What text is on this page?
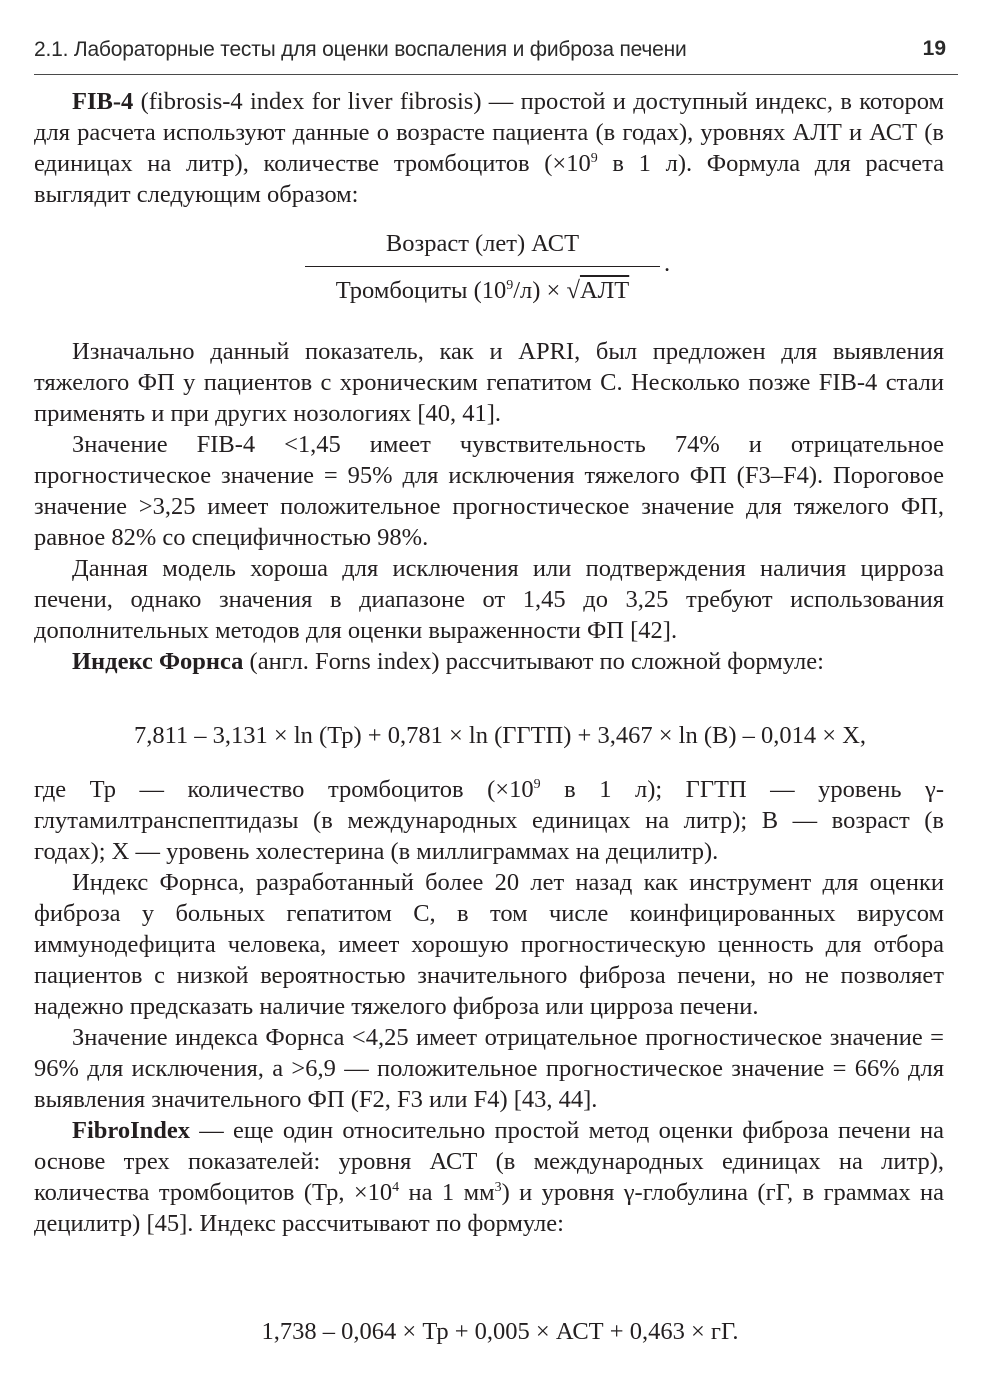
2.1. Лабораторные тесты для оценки воспаления и фиброза печени	19

FIB-4 (fibrosis-4 index for liver fibrosis) — простой и доступный индекс, в котором для расчета используют данные о возрасте пациента (в годах), уровнях АЛТ и АСТ (в единицах на литр), количестве тромбоцитов ($\times 10^9$ в 1 л). Формула для расчета выглядит следующим образом:

Возраст (лет) АСТ
Тромбоциты $(10^9/л) \times √АЛТ$
.

Изначально данный показатель, как и APRI, был предложен для выявления тяжелого ФП у пациентов с хроническим гепатитом С. Несколько позже FIB-4 стали применять и при других нозологиях [40, 41].

Значение FIB-4 <1,45 имеет чувствительность 74% и отрицательное прогностическое значение = 95% для исключения тяжелого ФП (F3–F4). Пороговое значение >3,25 имеет положительное прогностическое значение для тяжелого ФП, равное 82% со специфичностью 98%.

Данная модель хороша для исключения или подтверждения наличия цирроза печени, однако значения в диапазоне от 1,45 до 3,25 требуют использования дополнительных методов для оценки выраженности ФП [42].

Индекс Форнса (англ. Forns index) рассчитывают по сложной формуле:

7,811 – 3,131 × ln (Тр) + 0,781 × ln (ГГТП) + 3,467 × ln (В) – 0,014 × Х,

где Тр — количество тромбоцитов ($\times 10^9$ в 1 л); ГГТП — уровень γ-глутамилтранспептидазы (в международных единицах на литр); В — возраст (в годах); Х — уровень холестерина (в миллиграммах на децилитр).

Индекс Форнса, разработанный более 20 лет назад как инструмент для оценки фиброза у больных гепатитом С, в том числе коинфицированных вирусом иммунодефицита человека, имеет хорошую прогностическую ценность для отбора пациентов с низкой вероятностью значительного фиброза печени, но не позволяет надежно предсказать наличие тяжелого фиброза или цирроза печени.

Значение индекса Форнса <4,25 имеет отрицательное прогностическое значение = 96% для исключения, а >6,9 — положительное прогностическое значение = 66% для выявления значительного ФП (F2, F3 или F4) [43, 44].

FibroIndex — еще один относительно простой метод оценки фиброза печени на основе трех показателей: уровня АСТ (в международных единицах на литр), количества тромбоцитов (Тр, $\times 10^4$ на 1 $мм^3$) и уровня γ-глобулина (гГ, в граммах на децилитр) [45]. Индекс рассчитывают по формуле:

1,738 – 0,064 × Тр + 0,005 × АСТ + 0,463 × гГ.
